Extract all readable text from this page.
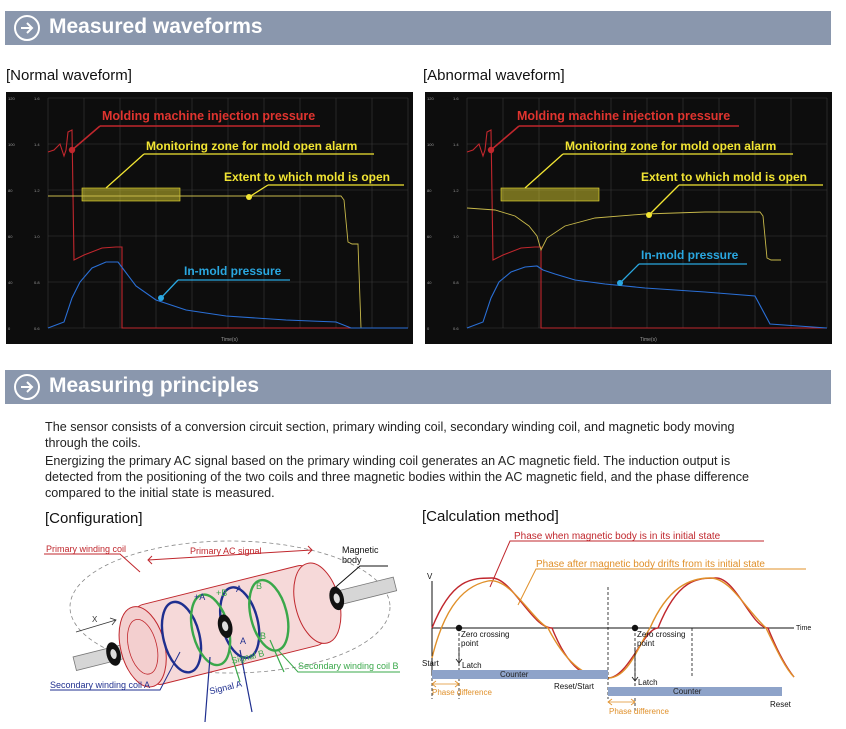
Measured waveforms
[Normal waveform]	[Abnormal waveform]
120
100
80
60
40
0
1.6
1.4
1.2
1.0
0.8
0.6
Time(s)
Molding machine injection pressure
Monitoring zone for mold open alarm
Extent to which mold is open
In-mold pressure
120
100
80
60
40
0
1.6
1.4
1.2
1.0
0.8
0.6
Time(s)
Molding machine injection pressure
Monitoring zone for mold open alarm
Extent to which mold is open
In-mold pressure
Measuring principles
The sensor consists of a conversion circuit section, primary winding coil, secondary winding coil, and magnetic body moving
through the coils.
Energizing the primary AC signal based on the primary winding coil generates an AC magnetic field. The induction output is
detected from the positioning of the two coils and three magnetic bodies within the AC magnetic field, and the phase difference
compared to the initial state is measured.
[Configuration]	[Calculation method]
+A +B A B
A B
X
Primary AC signal
Primary winding coil	Magnetic
body
Secondary winding coil A
Secondary winding coil B
Signal A
Signal B
Phase when magnetic body is in its initial state
Phase after magnetic body drifts from its initial state
V
Time
Zero crossing
point
Zero crossing
point
Latch
Latch
Start
Counter
Reset/Start
Counter
Reset
Phase difference
Phase difference
